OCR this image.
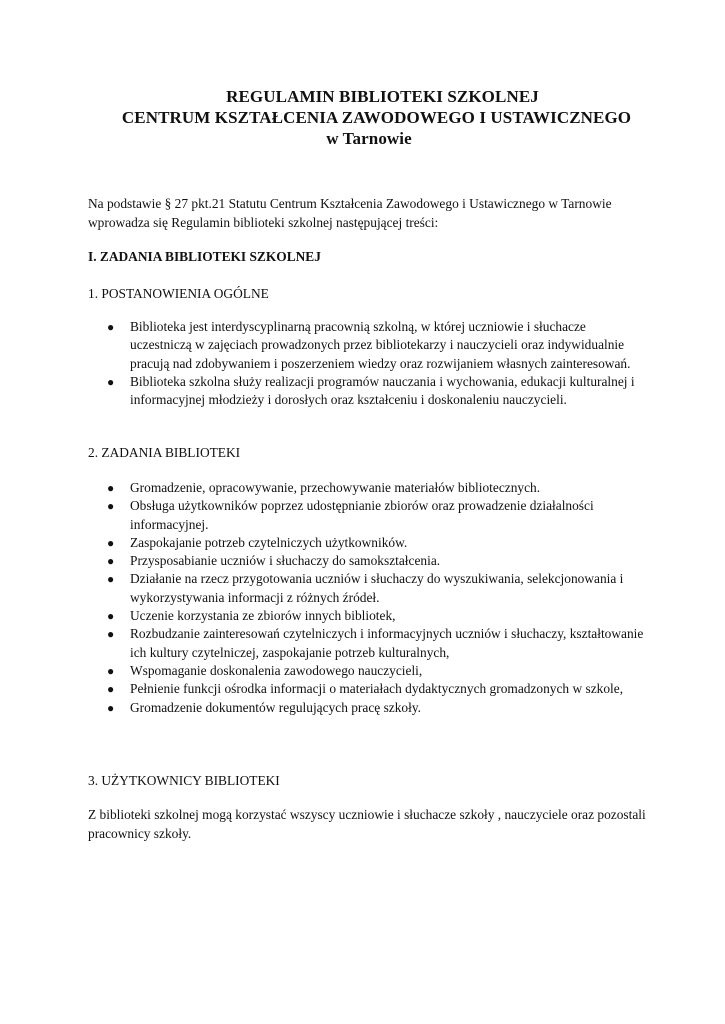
REGULAMIN BIBLIOTEKI SZKOLNEJ
CENTRUM KSZTAŁCENIA ZAWODOWEGO I USTAWICZNEGO
w Tarnowie
Na podstawie § 27 pkt.21 Statutu Centrum Kształcenia Zawodowego i Ustawicznego w Tarnowie wprowadza się Regulamin biblioteki szkolnej następującej treści:
I. ZADANIA BIBLIOTEKI SZKOLNEJ
1. POSTANOWIENIA OGÓLNE
● Biblioteka jest interdyscyplinarną pracownią szkolną, w której uczniowie i słuchacze uczestniczą w zajęciach prowadzonych przez bibliotekarzy i nauczycieli oraz indywidualnie pracują nad zdobywaniem i poszerzeniem wiedzy oraz rozwijaniem własnych zainteresowań.
● Biblioteka szkolna służy realizacji programów nauczania i wychowania, edukacji kulturalnej i informacyjnej młodzieży i dorosłych oraz kształceniu i doskonaleniu nauczycieli.
2. ZADANIA BIBLIOTEKI
● Gromadzenie, opracowywanie, przechowywanie materiałów bibliotecznych.
● Obsługa użytkowników poprzez udostępnianie zbiorów oraz prowadzenie działalności informacyjnej.
● Zaspokajanie potrzeb czytelniczych użytkowników.
● Przysposabianie uczniów i słuchaczy do samokształcenia.
● Działanie na rzecz przygotowania uczniów i słuchaczy do wyszukiwania, selekcjonowania i wykorzystywania informacji z różnych źródeł.
● Uczenie korzystania ze zbiorów innych bibliotek,
● Rozbudzanie zainteresowań czytelniczych i informacyjnych uczniów i słuchaczy, kształtowanie ich kultury czytelniczej, zaspokajanie potrzeb kulturalnych,
● Wspomaganie doskonalenia zawodowego nauczycieli,
● Pełnienie funkcji ośrodka informacji o materiałach dydaktycznych gromadzonych w szkole,
● Gromadzenie dokumentów regulujących pracę szkoły.
3. UŻYTKOWNICY BIBLIOTEKI
Z biblioteki szkolnej mogą korzystać wszyscy uczniowie i słuchacze szkoły , nauczyciele oraz pozostali pracownicy szkoły.
